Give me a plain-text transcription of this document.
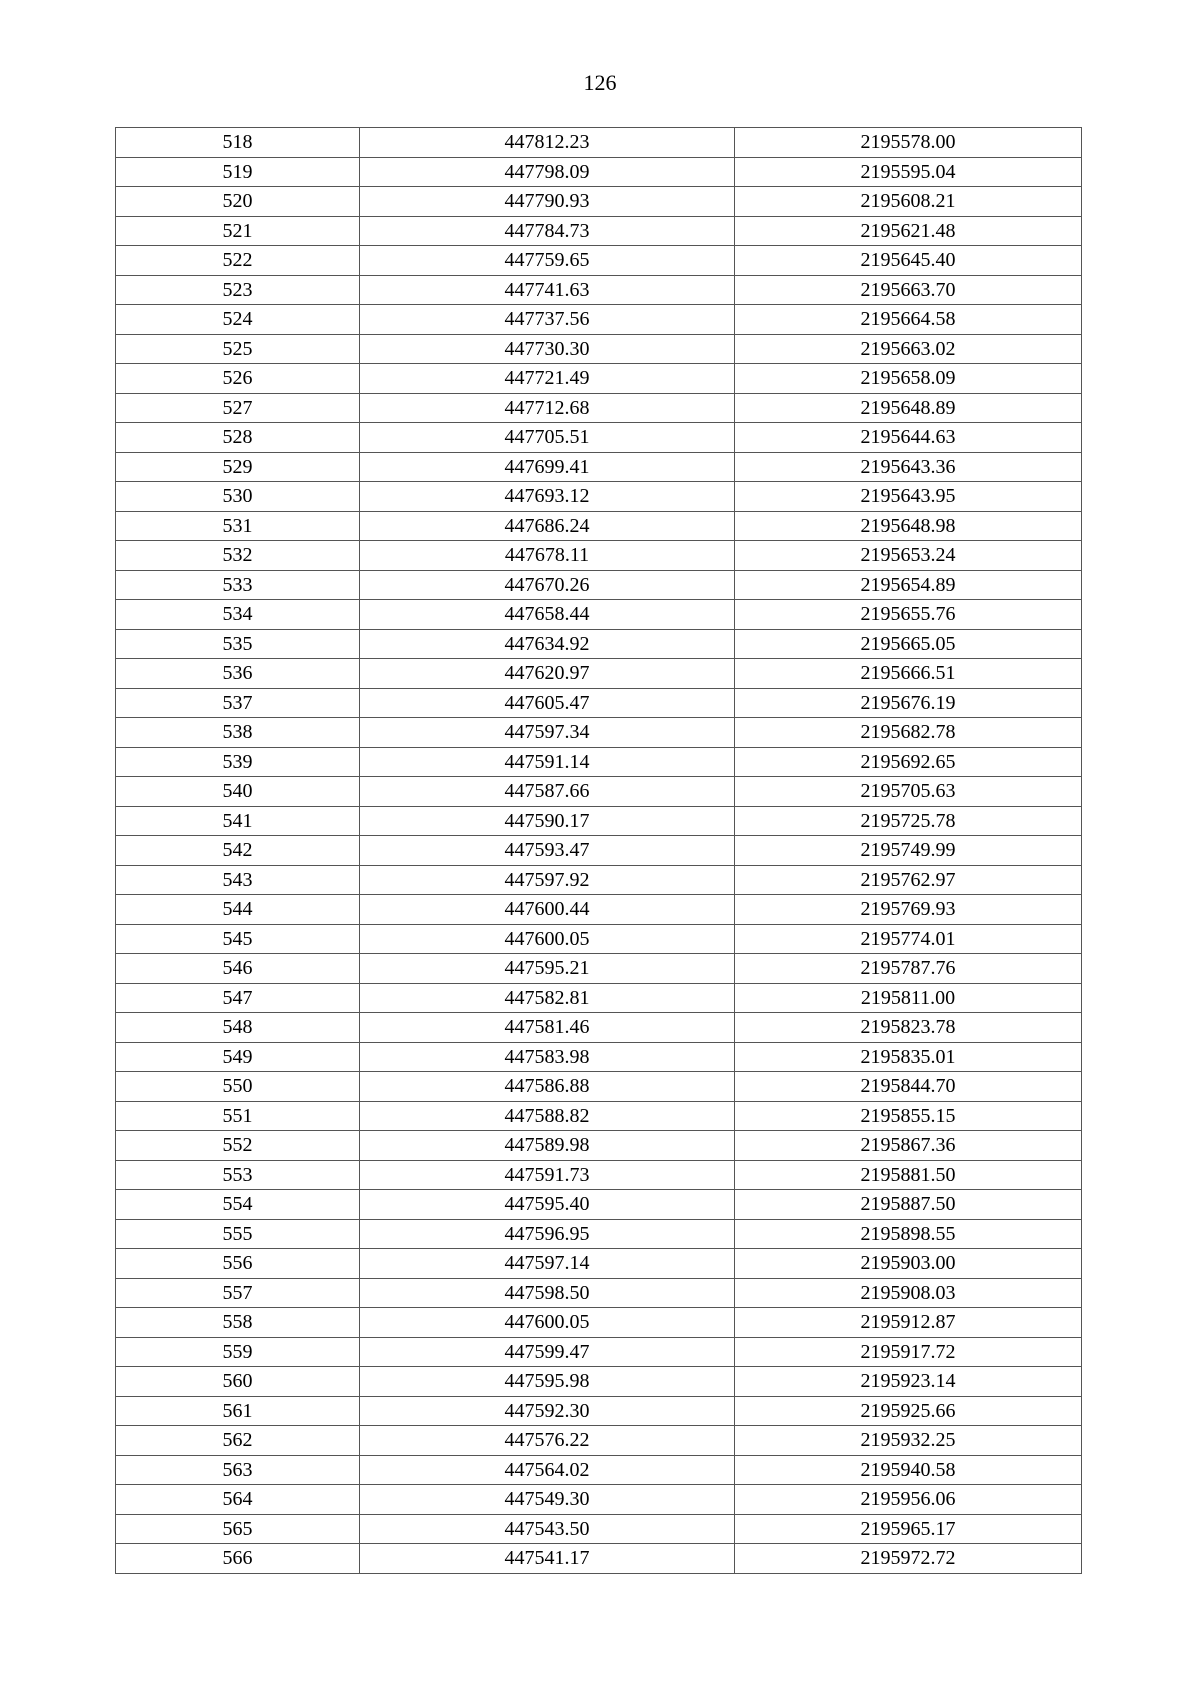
126
518	447812.23	2195578.00
519	447798.09	2195595.04
520	447790.93	2195608.21
521	447784.73	2195621.48
522	447759.65	2195645.40
523	447741.63	2195663.70
524	447737.56	2195664.58
525	447730.30	2195663.02
526	447721.49	2195658.09
527	447712.68	2195648.89
528	447705.51	2195644.63
529	447699.41	2195643.36
530	447693.12	2195643.95
531	447686.24	2195648.98
532	447678.11	2195653.24
533	447670.26	2195654.89
534	447658.44	2195655.76
535	447634.92	2195665.05
536	447620.97	2195666.51
537	447605.47	2195676.19
538	447597.34	2195682.78
539	447591.14	2195692.65
540	447587.66	2195705.63
541	447590.17	2195725.78
542	447593.47	2195749.99
543	447597.92	2195762.97
544	447600.44	2195769.93
545	447600.05	2195774.01
546	447595.21	2195787.76
547	447582.81	2195811.00
548	447581.46	2195823.78
549	447583.98	2195835.01
550	447586.88	2195844.70
551	447588.82	2195855.15
552	447589.98	2195867.36
553	447591.73	2195881.50
554	447595.40	2195887.50
555	447596.95	2195898.55
556	447597.14	2195903.00
557	447598.50	2195908.03
558	447600.05	2195912.87
559	447599.47	2195917.72
560	447595.98	2195923.14
561	447592.30	2195925.66
562	447576.22	2195932.25
563	447564.02	2195940.58
564	447549.30	2195956.06
565	447543.50	2195965.17
566	447541.17	2195972.72
